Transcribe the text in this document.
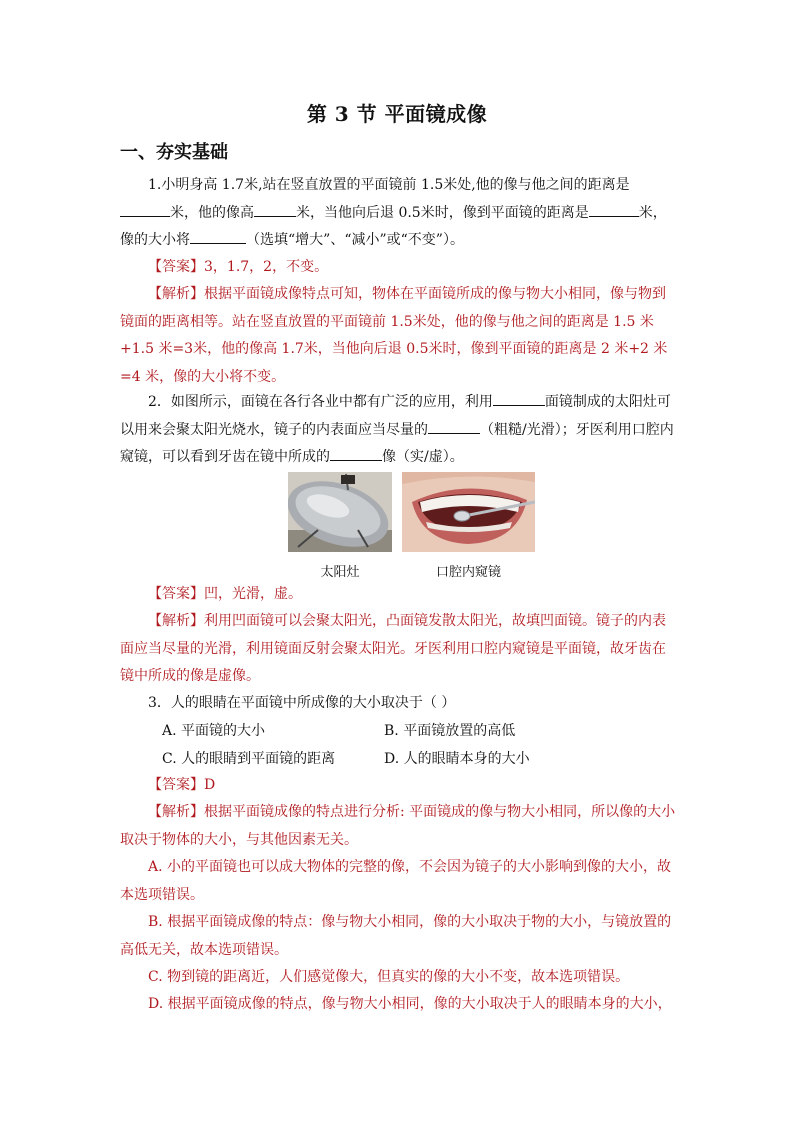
第 3 节 平面镜成像
一、夯实基础
1.小明身高 1.7米,站在竖直放置的平面镜前 1.5米处,他的像与他之间的距离是米，他的像高	米，当他向后退 0.5米时，像到平面镜的距离是	米，像的大小将	（选填“增大”、“减小”或“不变”）。
【答案】3，1.7，2，不变。
【解析】根据平面镜成像特点可知，物体在平面镜所成的像与物大小相同，像与物到镜面的距离相等。站在竖直放置的平面镜前 1.5米处，他的像与他之间的距离是 1.5 米+1.5 米=3米，他的像高 1.7米，当他向后退 0.5米时，像到平面镜的距离是 2 米+2 米=4 米，像的大小将不变。
2．如图所示，面镜在各行各业中都有广泛的应用，利用	面镜制成的太阳灶可以用来会聚太阳光烧水，镜子的内表面应当尽量的	（粗糙/光滑）；牙医利用口腔内窥镜，可以看到牙齿在镜中所成的	像（实/虚）。
太阳灶	口腔内窥镜
【答案】凹，光滑，虚。
【解析】利用凹面镜可以会聚太阳光，凸面镜发散太阳光，故填凹面镜。镜子的内表面应当尽量的光滑，利用镜面反射会聚太阳光。牙医利用口腔内窥镜是平面镜，故牙齿在镜中所成的像是虚像。
3．人的眼睛在平面镜中所成像的大小取决于（ ）
A. 平面镜的大小	B. 平面镜放置的高低
C. 人的眼睛到平面镜的距离	D. 人的眼睛本身的大小
【答案】D
【解析】根据平面镜成像的特点进行分析: 平面镜成的像与物大小相同，所以像的大小取决于物体的大小，与其他因素无关。
A. 小的平面镜也可以成大物体的完整的像，不会因为镜子的大小影响到像的大小，故本选项错误。
B. 根据平面镜成像的特点：像与物大小相同，像的大小取决于物的大小，与镜放置的高低无关，故本选项错误。
C. 物到镜的距离近，人们感觉像大，但真实的像的大小不变，故本选项错误。
D. 根据平面镜成像的特点，像与物大小相同，像的大小取决于人的眼睛本身的大小，
